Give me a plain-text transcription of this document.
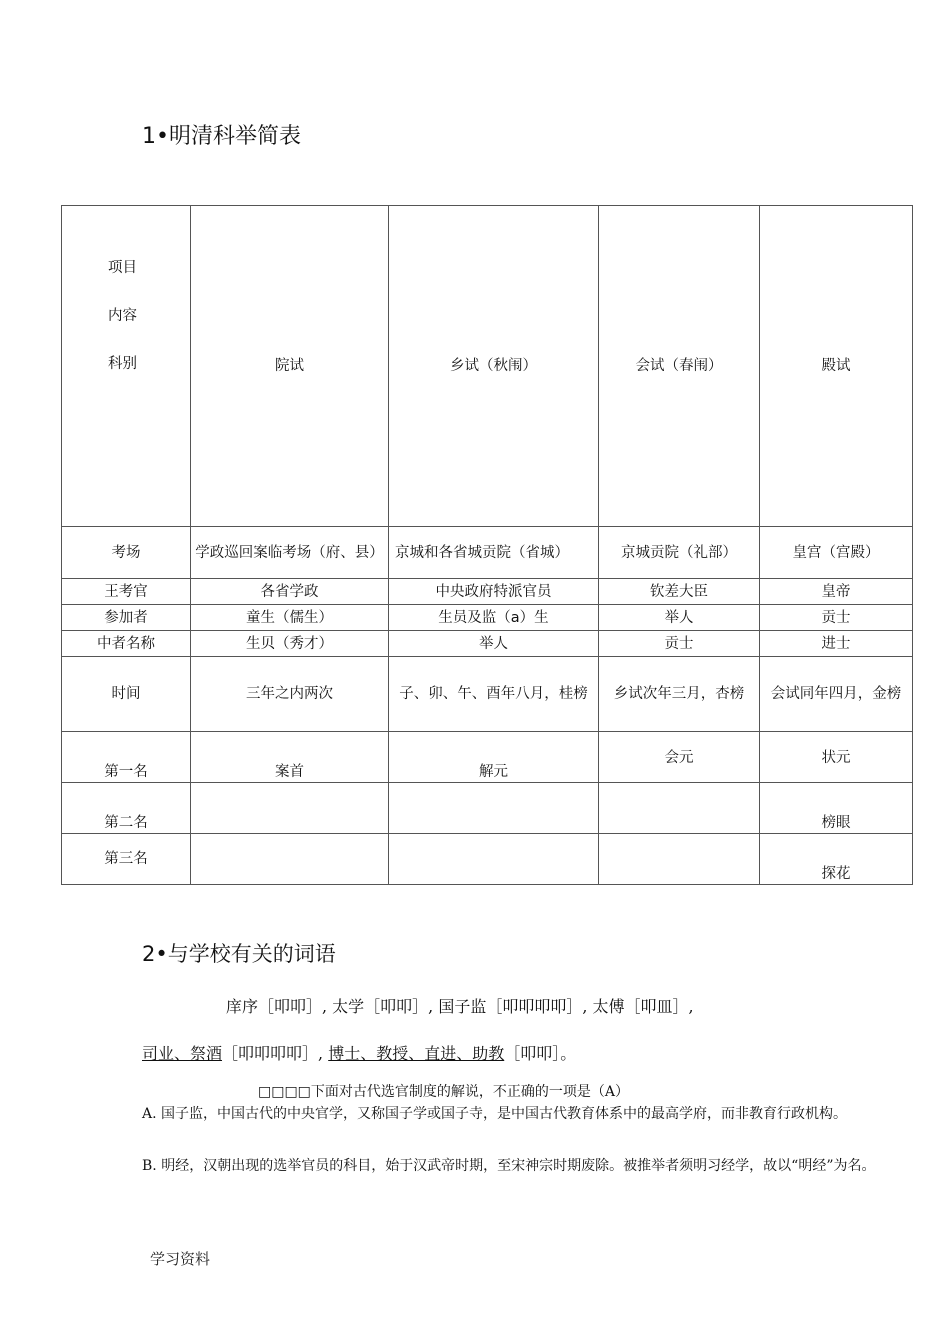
1•明清科举简表
项目
内容
科别	院试	乡试（秋闱）	会试（春闱）	殿试
考场	学政巡回案临考场（府、县）	京城和各省城贡院（省城）	京城贡院（礼部）	皇宫（宫殿）
王考官	各省学政	中央政府特派官员	钦差大臣	皇帝
参加者	童生（儒生）	生员及监（a）生	举人	贡士
中者名称	生贝（秀才）	举人	贡士	进士
时间	三年之内两次	子、卯、午、酉年八月，桂榜	乡试次年三月，杏榜	会试同年四月，金榜
第一名	案首	解元	会元	状元
第二名				榜眼
第三名				探花
2•与学校有关的词语

庠序［叩叩］, 太学［叩叩］, 国子监［叩叩叩叩］, 太傅［叩皿］,

司业、祭酒［叩叩叩叩］, 博士、教授、直进、助教［叩叩］。

□□□□下面对古代选官制度的解说，不正确的一项是（A）

A. 国子监，中国古代的中央官学，又称国子学或国子寺，是中国古代教育体系中的最高学府，而非教育行政机构。

B. 明经，汉朝出现的选举官员的科目，始于汉武帝时期，至宋神宗时期废除。被推举者须明习经学，故以“明经”为名。

学习资料
